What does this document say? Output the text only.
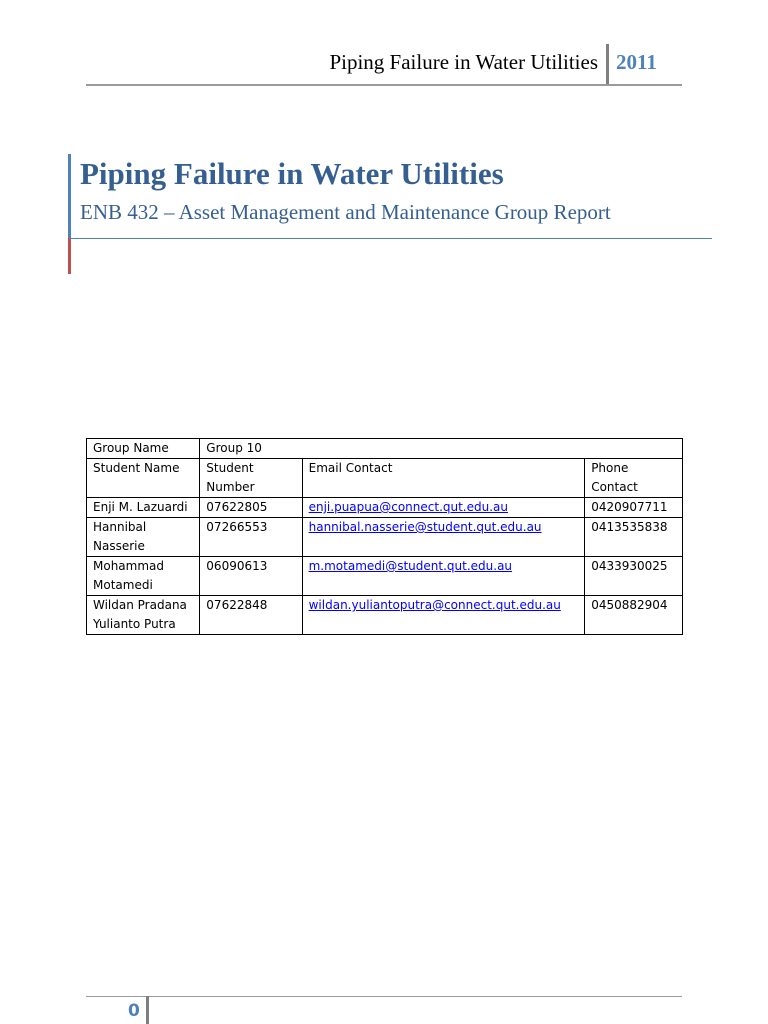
Piping Failure in Water Utilities 2011
Piping Failure in Water Utilities
ENB 432 – Asset Management and Maintenance Group Report
Group Name	Group 10		
Student Name	Student Number	Email Contact	Phone Contact
Enji M. Lazuardi	07622805	enji.puapua@connect.qut.edu.au	0420907711
Hannibal Nasserie	07266553	hannibal.nasserie@student.qut.edu.au	0413535838
Mohammad Motamedi	06090613	m.motamedi@student.qut.edu.au	0433930025
Wildan Pradana Yulianto Putra	07622848	wildan.yuliantoputra@connect.qut.edu.au	0450882904
0
